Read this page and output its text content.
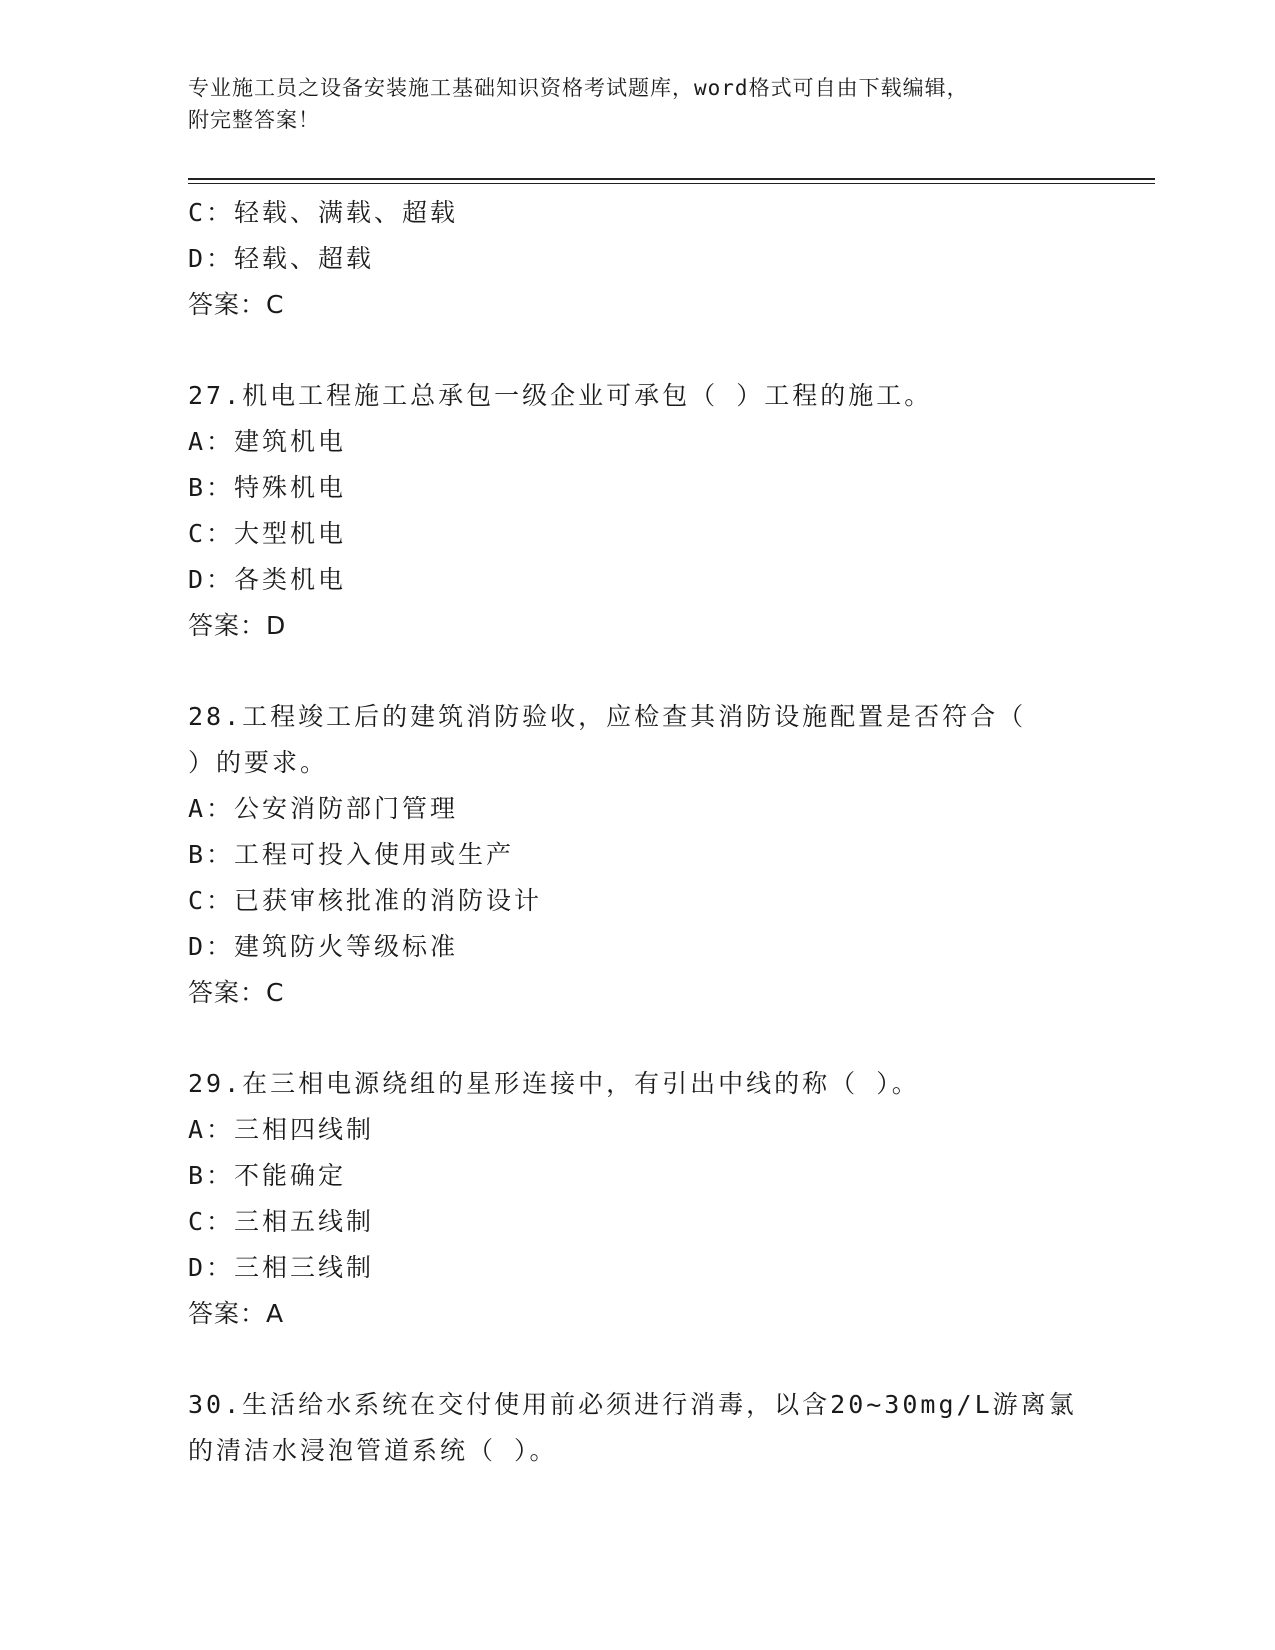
专业施工员之设备安装施工基础知识资格考试题库，word格式可自由下载编辑，
附完整答案！
C：轻载、满载、超载
D：轻载、超载
答案：C
27.机电工程施工总承包一级企业可承包（ ）工程的施工。
A：建筑机电
B：特殊机电
C：大型机电
D：各类机电
答案：D
28.工程竣工后的建筑消防验收，应检查其消防设施配置是否符合（
）的要求。
A：公安消防部门管理
B：工程可投入使用或生产
C：已获审核批准的消防设计
D：建筑防火等级标准
答案：C
29.在三相电源绕组的星形连接中，有引出中线的称（ ）。
A：三相四线制
B：不能确定
C：三相五线制
D：三相三线制
答案：A
30.生活给水系统在交付使用前必须进行消毒，以含20~30mg/L游离氯
的清洁水浸泡管道系统（ ）。
